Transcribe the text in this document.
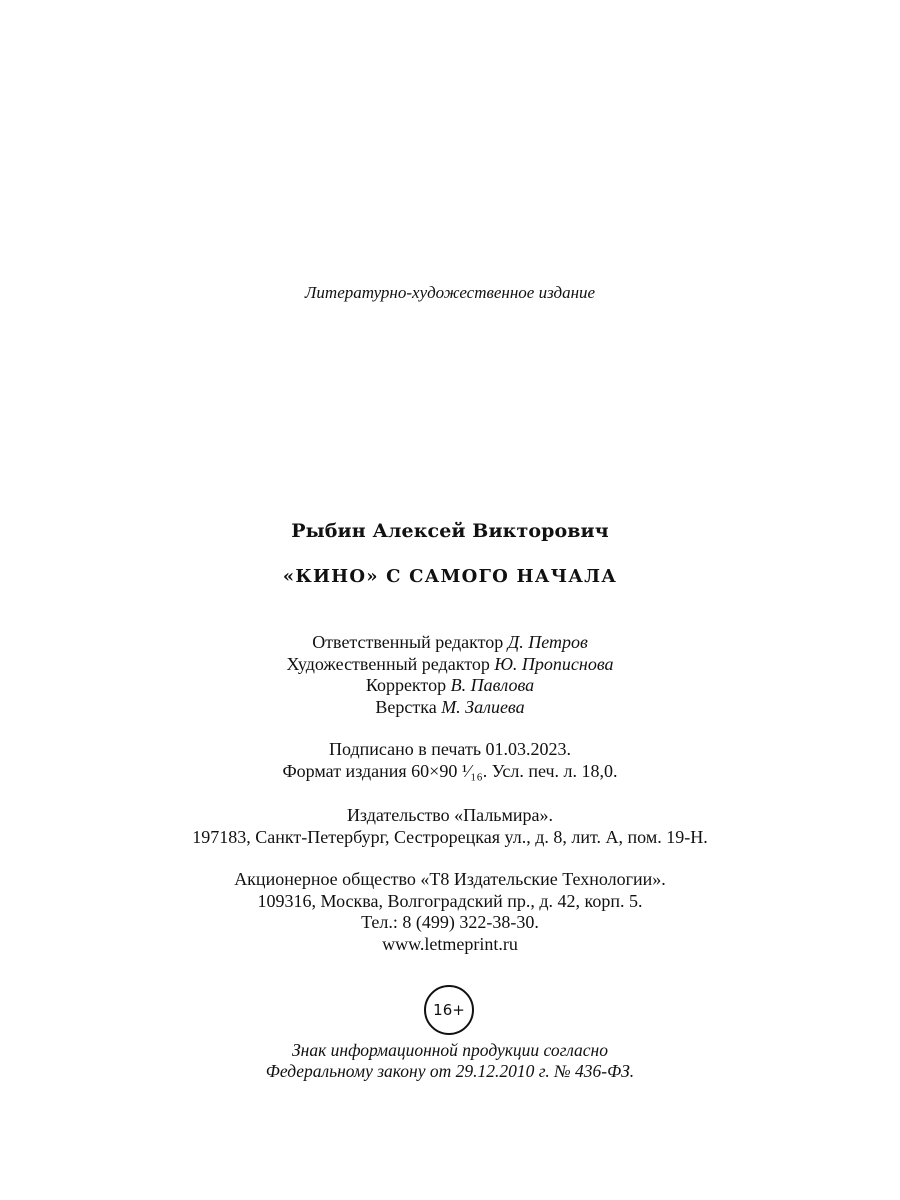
Литературно-художественное издание
Рыбин Алексей Викторович
«КИНО» С САМОГО НАЧАЛА
Ответственный редактор Д. Петров
Художественный редактор Ю. Прописнова
Корректор В. Павлова
Верстка М. Залиева
Подписано в печать 01.03.2023.
Формат издания 60×90 ¹⁄₁₆. Усл. печ. л. 18,0.
Издательство «Пальмира».
197183, Санкт-Петербург, Сестрорецкая ул., д. 8, лит. А, пом. 19-Н.
Акционерное общество «Т8 Издательские Технологии».
109316, Москва, Волгоградский пр., д. 42, корп. 5.
Тел.: 8 (499) 322-38-30.
www.letmeprint.ru
16+
Знак информационной продукции согласно
Федеральному закону от 29.12.2010 г. № 436-ФЗ.
